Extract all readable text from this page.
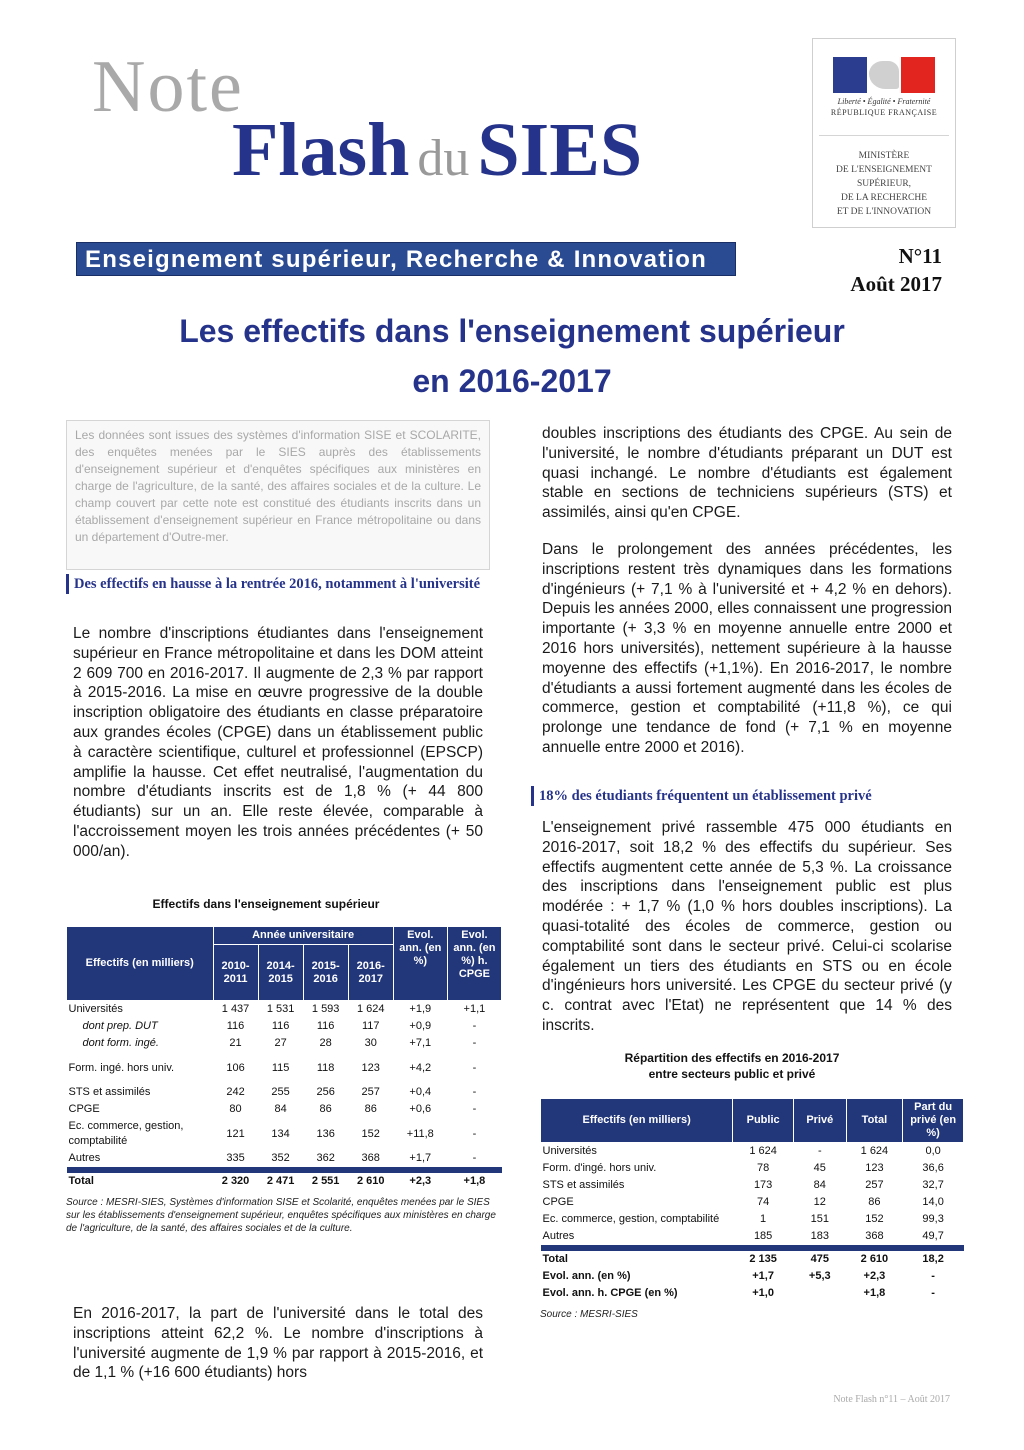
Note
Flash du SIES
Liberté • Égalité • Fraternité
RÉPUBLIQUE FRANÇAISE
MINISTÈRE
DE L'ENSEIGNEMENT
SUPÉRIEUR,
DE LA RECHERCHE
ET DE L'INNOVATION
Enseignement supérieur, Recherche & Innovation	N°11
Août 2017
Les effectifs dans l'enseignement supérieur
en 2016-2017
Les données sont issues des systèmes d'information SISE et SCOLARITE, des enquêtes menées par le SIES auprès des établissements d'enseignement supérieur et d'enquêtes spécifiques aux ministères en charge de l'agriculture, de la santé, des affaires sociales et de la culture. Le champ couvert par cette note est constitué des étudiants inscrits dans un établissement d'enseignement supérieur en France métropolitaine ou dans un département d'Outre-mer.
Des effectifs en hausse à la rentrée 2016, notamment à l'université
Le nombre d'inscriptions étudiantes dans l'enseignement supérieur en France métropolitaine et dans les DOM atteint 2 609 700 en 2016-2017. Il augmente de 2,3 % par rapport à 2015-2016. La mise en œuvre progressive de la double inscription obligatoire des étudiants en classe préparatoire aux grandes écoles (CPGE) dans un établissement public à caractère scientifique, culturel et professionnel (EPSCP) amplifie la hausse. Cet effet neutralisé, l'augmentation du nombre d'étudiants inscrits est de 1,8 % (+ 44 800 étudiants) sur un an. Elle reste élevée, comparable à l'accroissement moyen les trois années précédentes (+ 50 000/an).
Effectifs dans l'enseignement supérieur
Effectifs (en milliers)	Année universitaire				Evol. ann. (en %)	Evol. ann. (en %) h. CPGE
	2010-2011	2014-2015	2015-2016	2016-2017		
Universités	1 437	1 531	1 593	1 624	+1,9	+1,1
dont prep. DUT	116	116	116	117	+0,9	-
dont form. ingé.	21	27	28	30	+7,1	-
Form. ingé. hors univ.	106	115	118	123	+4,2	-
STS et assimilés	242	255	256	257	+0,4	-
CPGE	80	84	86	86	+0,6	-
Ec. commerce, gestion, comptabilité	121	134	136	152	+11,8	-
Autres	335	352	362	368	+1,7	-
Total	2 320	2 471	2 551	2 610	+2,3	+1,8
Source : MESRI-SIES, Systèmes d'information SISE et Scolarité, enquêtes menées par le SIES sur les établissements d'enseignement supérieur, enquêtes spécifiques aux ministères en charge de l'agriculture, de la santé, des affaires sociales et de la culture.
En 2016-2017, la part de l'université dans le total des inscriptions atteint 62,2 %. Le nombre d'inscriptions à l'université augmente de 1,9 % par rapport à 2015-2016, et de 1,1 % (+16 600 étudiants) hors
doubles inscriptions des étudiants des CPGE. Au sein de l'université, le nombre d'étudiants préparant un DUT est quasi inchangé. Le nombre d'étudiants est également stable en sections de techniciens supérieurs (STS) et assimilés, ainsi qu'en CPGE.
Dans le prolongement des années précédentes, les inscriptions restent très dynamiques dans les formations d'ingénieurs (+ 7,1 % à l'université et + 4,2 % en dehors). Depuis les années 2000, elles connaissent une progression importante (+ 3,3 % en moyenne annuelle entre 2000 et 2016 hors universités), nettement supérieure à la hausse moyenne des effectifs (+1,1%). En 2016-2017, le nombre d'étudiants a aussi fortement augmenté dans les écoles de commerce, gestion et comptabilité (+11,8 %), ce qui prolonge une tendance de fond (+ 7,1 % en moyenne annuelle entre 2000 et 2016).
18% des étudiants fréquentent un établissement privé
L'enseignement privé rassemble 475 000 étudiants en 2016-2017, soit 18,2 % des effectifs du supérieur. Ses effectifs augmentent cette année de 5,3 %. La croissance des inscriptions dans l'enseignement public est plus modérée : + 1,7 % (1,0 % hors doubles inscriptions). La quasi-totalité des écoles de commerce, gestion ou comptabilité sont dans le secteur privé. Celui-ci scolarise également un tiers des étudiants en STS ou en école d'ingénieurs hors université. Les CPGE du secteur privé (y c. contrat avec l'Etat) ne représentent que 14 % des inscrits.
Répartition des effectifs en 2016-2017
entre secteurs public et privé
Effectifs (en milliers)	Public	Privé	Total	Part du privé (en %)
Universités	1 624	-	1 624	0,0
Form. d'ingé. hors univ.	78	45	123	36,6
STS et assimilés	173	84	257	32,7
CPGE	74	12	86	14,0
Ec. commerce, gestion, comptabilité	1	151	152	99,3
Autres	185	183	368	49,7
Total	2 135	475	2 610	18,2
Evol. ann. (en %)	+1,7	+5,3	+2,3	-
Evol. ann. h. CPGE (en %)	+1,0		+1,8	-
Source : MESRI-SIES
Note Flash n°11 – Août 2017
